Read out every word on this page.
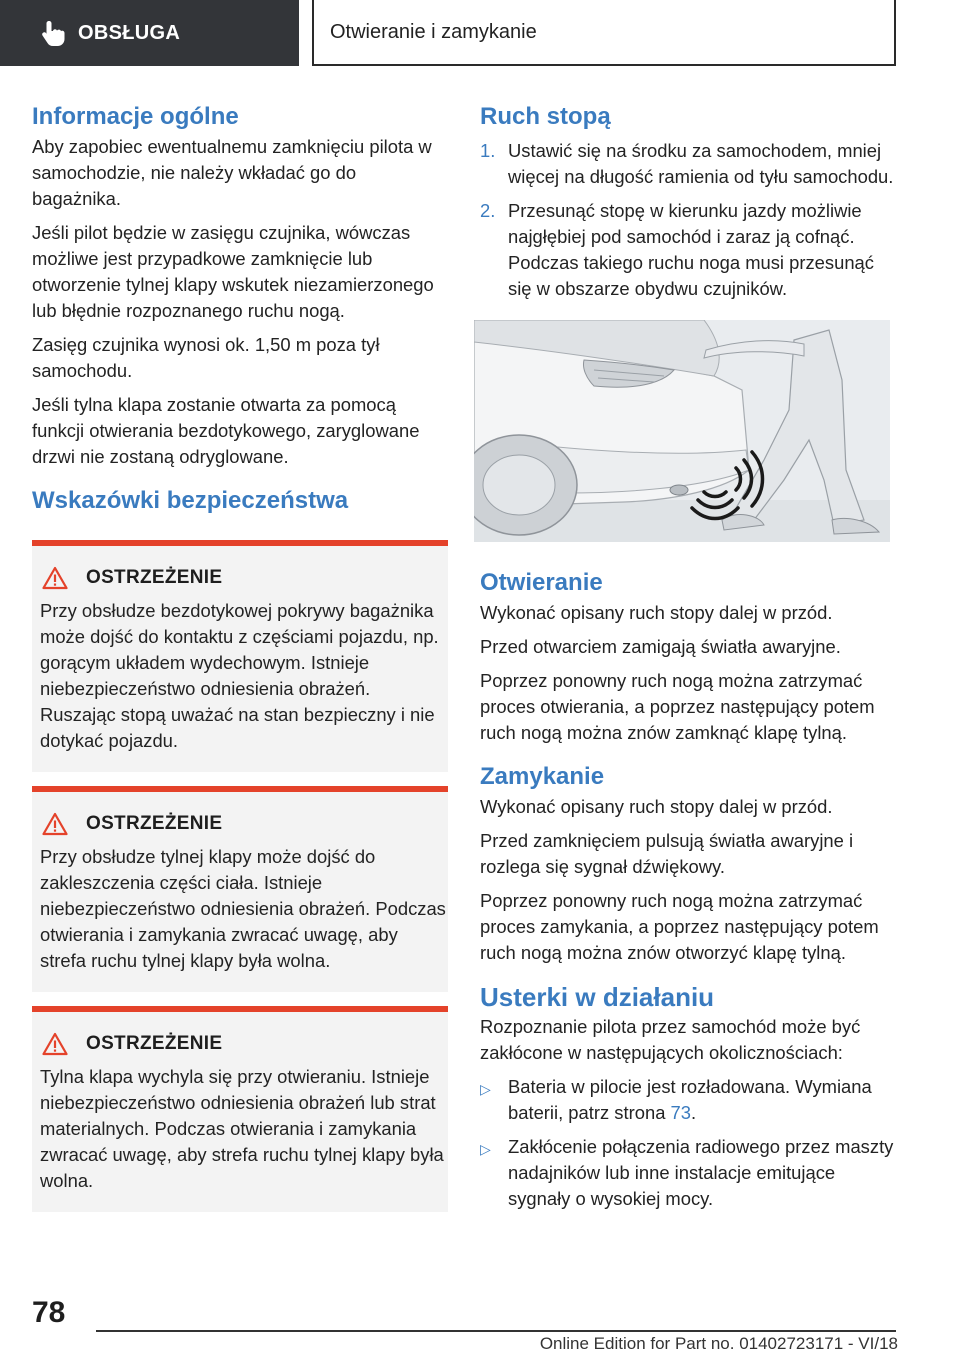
OBSŁUGA	Otwieranie i zamykanie
Informacje ogólne

Aby zapobiec ewentualnemu zamknięciu pilota w samochodzie, nie należy wkładać go do bagażnika.

Jeśli pilot będzie w zasięgu czujnika, wówczas możliwe jest przypadkowe zamknięcie lub otworzenie tylnej klapy wskutek niezamierzonego lub błędnie rozpoznanego ruchu nogą.

Zasięg czujnika wynosi ok. 1,50 m poza tył samochodu.

Jeśli tylna klapa zostanie otwarta za pomocą funkcji otwierania bezdotykowego, zaryglowane drzwi nie zostaną odryglowane.

Wskazówki bezpieczeństwa
OSTRZEŻENIE

Przy obsłudze bezdotykowej pokrywy bagażnika może dojść do kontaktu z częściami pojazdu, np. gorącym układem wydechowym. Istnieje niebezpieczeństwo odniesienia obrażeń. Ruszając stopą uważać na stan bezpieczny i nie dotykać pojazdu.

OSTRZEŻENIE

Przy obsłudze tylnej klapy może dojść do zakleszczenia części ciała. Istnieje niebezpieczeństwo odniesienia obrażeń. Podczas otwierania i zamykania zwracać uwagę, aby strefa ruchu tylnej klapy była wolna.

OSTRZEŻENIE

Tylna klapa wychyla się przy otwieraniu. Istnieje niebezpieczeństwo odniesienia obrażeń lub strat materialnych. Podczas otwierania i zamykania zwracać uwagę, aby strefa ruchu tylnej klapy była wolna.

Ruch stopą
1. Ustawić się na środku za samochodem, mniej więcej na długość ramienia od tyłu samochodu.
2. Przesunąć stopę w kierunku jazdy możliwie najgłębiej pod samochód i zaraz ją cofnąć. Podczas takiego ruchu noga musi przesunąć się w obszarze obydwu czujników.
Otwieranie

Wykonać opisany ruch stopy dalej w przód.

Przed otwarciem zamigają światła awaryjne.

Poprzez ponowny ruch nogą można zatrzymać proces otwierania, a poprzez następujący potem ruch nogą można znów zamknąć klapę tylną.

Zamykanie

Wykonać opisany ruch stopy dalej w przód.

Przed zamknięciem pulsują światła awaryjne i rozlega się sygnał dźwiękowy.

Poprzez ponowny ruch nogą można zatrzymać proces zamykania, a poprzez następujący potem ruch nogą można znów otworzyć klapę tylną.

Usterki w działaniu

Rozpoznanie pilota przez samochód może być zakłócone w następujących okolicznościach:

▷ Bateria w pilocie jest rozładowana. Wymiana baterii, patrz strona 73.
▷ Zakłócenie połączenia radiowego przez maszty nadajników lub inne instalacje emitujące sygnały o wysokiej mocy.
78
Online Edition for Part no. 01402723171 - VI/18
